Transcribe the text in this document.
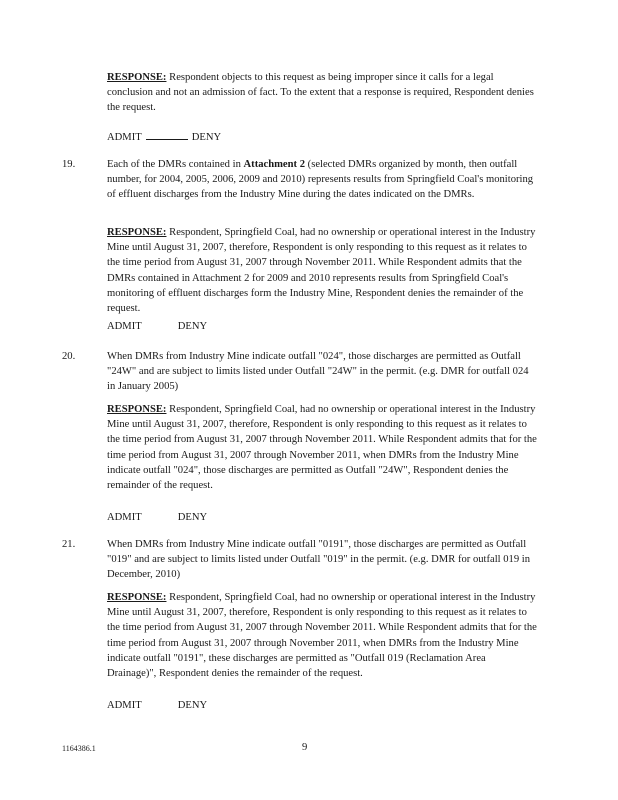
RESPONSE: Respondent objects to this request as being improper since it calls for a legal conclusion and not an admission of fact. To the extent that a response is required, Respondent denies the request.
ADMIT	DENY
19.	Each of the DMRs contained in Attachment 2 (selected DMRs organized by month, then outfall number, for 2004, 2005, 2006, 2009 and 2010) represents results from Springfield Coal's monitoring of effluent discharges from the Industry Mine during the dates indicated on the DMRs.
RESPONSE: Respondent, Springfield Coal, had no ownership or operational interest in the Industry Mine until August 31, 2007, therefore, Respondent is only responding to this request as it relates to the time period from August 31, 2007 through November 2011. While Respondent admits that the DMRs contained in Attachment 2 for 2009 and 2010 represents results from Springfield Coal's monitoring of effluent discharges form the Industry Mine, Respondent denies the remainder of the request.
ADMIT	DENY
20.	When DMRs from Industry Mine indicate outfall "024", those discharges are permitted as Outfall "24W" and are subject to limits listed under Outfall "24W" in the permit. (e.g. DMR for outfall 024 in January 2005)
RESPONSE: Respondent, Springfield Coal, had no ownership or operational interest in the Industry Mine until August 31, 2007, therefore, Respondent is only responding to this request as it relates to the time period from August 31, 2007 through November 2011. While Respondent admits that for the time period from August 31, 2007 through November 2011, when DMRs from the Industry Mine indicate outfall "024", those discharges are permitted as Outfall "24W", Respondent denies the remainder of the request.
ADMIT	DENY
21.	When DMRs from Industry Mine indicate outfall "0191", those discharges are permitted as Outfall "019" and are subject to limits listed under Outfall "019" in the permit. (e.g. DMR for outfall 019 in December, 2010)
RESPONSE: Respondent, Springfield Coal, had no ownership or operational interest in the Industry Mine until August 31, 2007, therefore, Respondent is only responding to this request as it relates to the time period from August 31, 2007 through November 2011. While Respondent admits that for the time period from August 31, 2007 through November 2011, when DMRs from the Industry Mine indicate outfall "0191", these discharges are permitted as "Outfall 019 (Reclamation Area Drainage)", Respondent denies the remainder of the request.
ADMIT	DENY
1164386.1	9
